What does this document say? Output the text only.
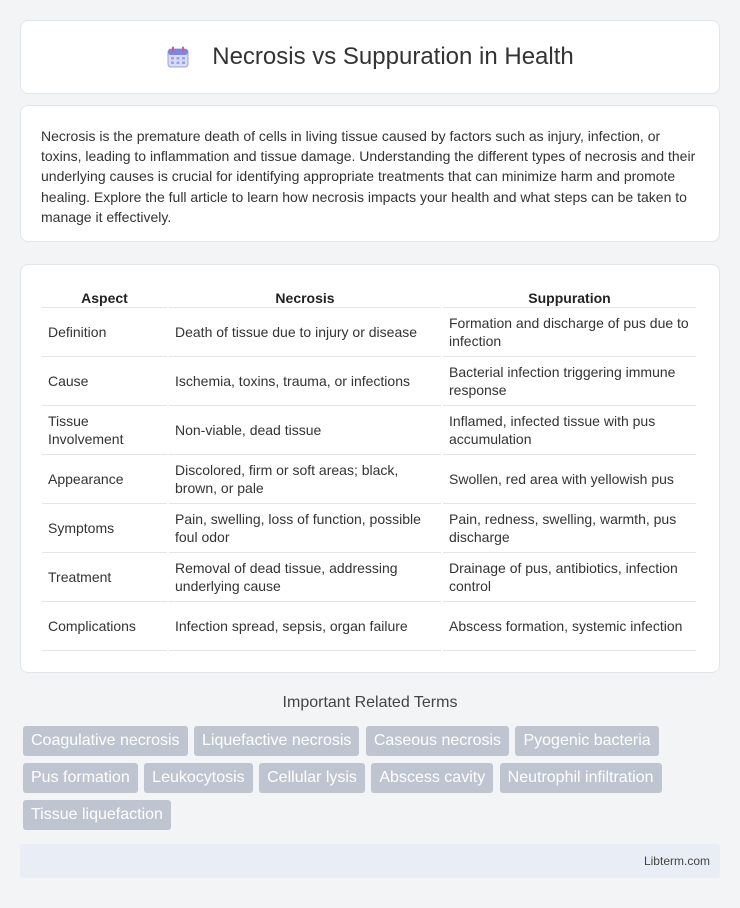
Necrosis vs Suppuration in Health

Necrosis is the premature death of cells in living tissue caused by factors such as injury, infection, or toxins, leading to inflammation and tissue damage. Understanding the different types of necrosis and their underlying causes is crucial for identifying appropriate treatments that can minimize harm and promote healing. Explore the full article to learn how necrosis impacts your health and what steps can be taken to manage it effectively.

Aspect	Necrosis	Suppuration
Definition	Death of tissue due to injury or disease	Formation and discharge of pus due to infection
Cause	Ischemia, toxins, trauma, or infections	Bacterial infection triggering immune response
Tissue Involvement	Non-viable, dead tissue	Inflamed, infected tissue with pus accumulation
Appearance	Discolored, firm or soft areas; black, brown, or pale	Swollen, red area with yellowish pus
Symptoms	Pain, swelling, loss of function, possible foul odor	Pain, redness, swelling, warmth, pus discharge
Treatment	Removal of dead tissue, addressing underlying cause	Drainage of pus, antibiotics, infection control
Complications	Infection spread, sepsis, organ failure	Abscess formation, systemic infection
Important Related Terms
Coagulative necrosis Liquefactive necrosis Caseous necrosis Pyogenic bacteria Pus formation Leukocytosis Cellular lysis Abscess cavity Neutrophil infiltration Tissue liquefaction
Libterm.com
